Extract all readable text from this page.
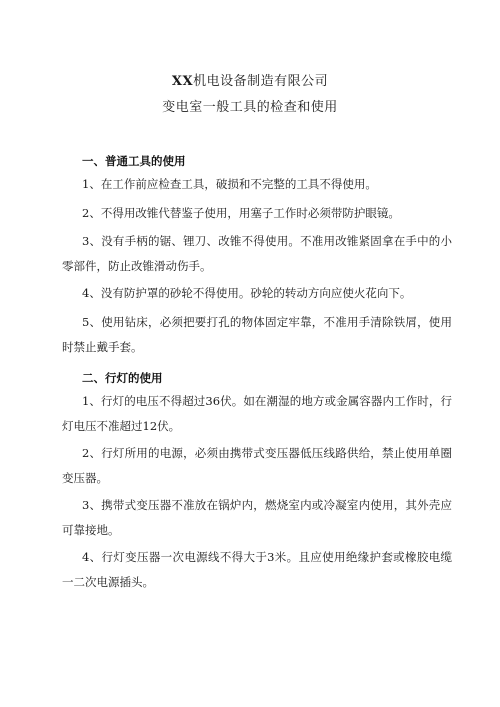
XX机电设备制造有限公司
变电室一般工具的检查和使用
一、普通工具的使用

1、在工作前应检查工具，破损和不完整的工具不得使用。

2、不得用改锥代替鉴子使用，用塞子工作时必须带防护眼镜。

3、没有手柄的锯、锂刀、改锥不得使用。不准用改锥紧固拿在手中的小零部件，防止改锥滑动伤手。

4、没有防护罩的砂轮不得使用。砂轮的转动方向应使火花向下。

5、使用钻床，必须把要打孔的物体固定牢靠，不准用手清除铁屑，使用时禁止戴手套。

二、行灯的使用

1、行灯的电压不得超过36伏。如在潮湿的地方或金属容器内工作时，行灯电压不准超过12伏。

2、行灯所用的电源，必须由携带式变压器低压线路供给，禁止使用单圈变压器。

3、携带式变压器不准放在锅炉内，燃烧室内或冷凝室内使用，其外壳应可靠接地。

4、行灯变压器一次电源线不得大于3米。且应使用绝缘护套或橡胶电缆一二次电源插头。
